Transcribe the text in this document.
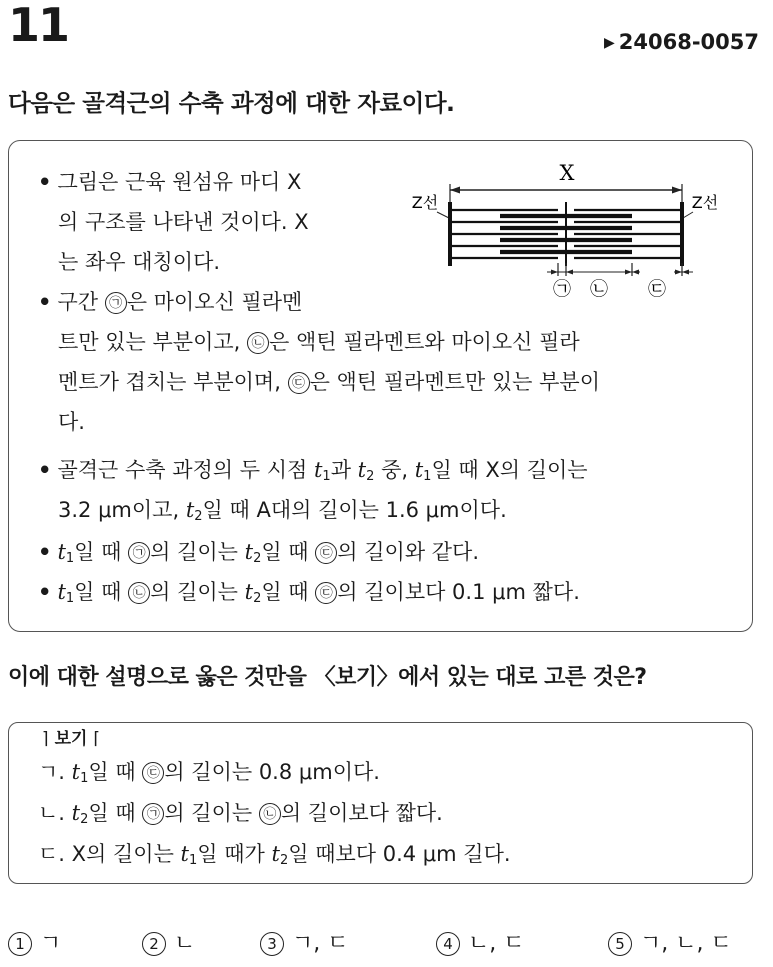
11	▶ 24068-0057
다음은 골격근의 수축 과정에 대한 자료이다.
X
Z선	Z선
㉠ ㉡ ㉢
• 그림은 근육 원섬유 마디 X
의 구조를 나타낸 것이다. X
는 좌우 대칭이다.
• 구간 ㉠ 은 마이오신 필라멘
트만 있는 부분이고, ㉡ 은 액틴 필라멘트와 마이오신 필라
멘트가 겹치는 부분이며, ㉢ 은 액틴 필라멘트만 있는 부분이
다.
• 골격근 수축 과정의 두 시점 $t_1$과 $t_2$ 중, $t_1$일 때 X의 길이는
3.2 μm이고, $t_2$일 때 A대의 길이는 1.6 μm이다.
• $t_1$일 때 ㉠ 의 길이는 $t_2$일 때 ㉢ 의 길이와 같다.
• $t_1$일 때 ㉡ 의 길이는 $t_2$일 때 ㉢ 의 길이보다 0.1 μm 짧다.
이에 대한 설명으로 옳은 것만을 〈보기〉에서 있는 대로 고른 것은?
⌉ 보기 ⌈
ㄱ. $t_1$일 때 ㉢ 의 길이는 0.8 μm이다.
ㄴ. $t_2$일 때 ㉠ 의 길이는 ㉡ 의 길이보다 짧다.
ㄷ. X의 길이는 $t_1$일 때가 $t_2$일 때보다 0.4 μm 길다.
1 ㄱ	2 ㄴ	3 ㄱ, ㄷ	4 ㄴ, ㄷ	5 ㄱ, ㄴ, ㄷ
